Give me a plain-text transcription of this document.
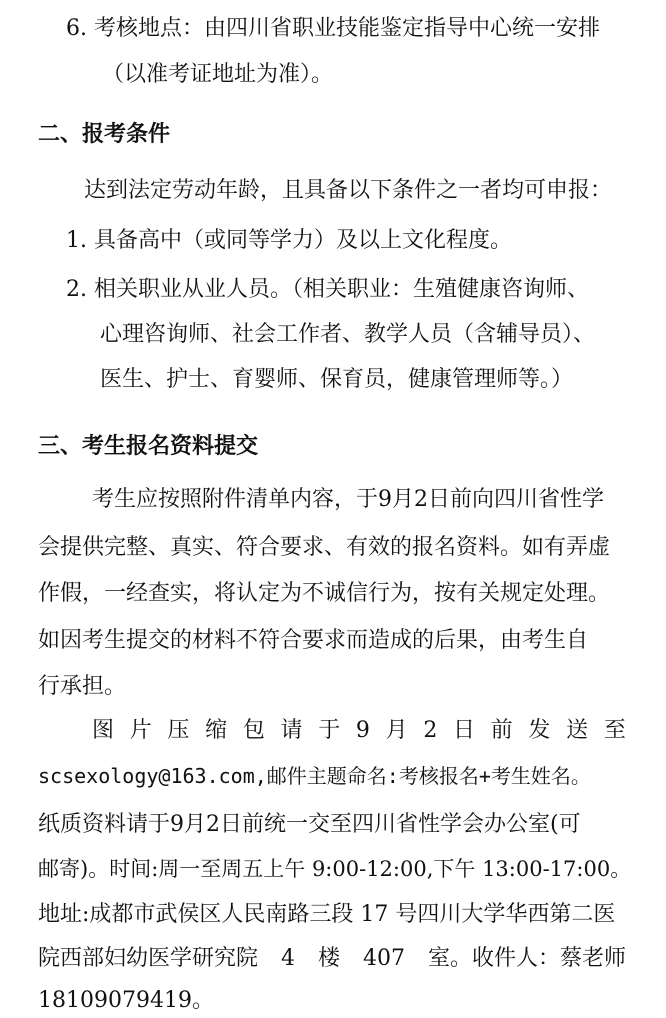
6. 考核地点：由四川省职业技能鉴定指导中心统一安排
（以准考证地址为准）。
二、报考条件
达到法定劳动年龄，且具备以下条件之一者均可申报：
1. 具备高中（或同等学力）及以上文化程度。
2. 相关职业从业人员。（相关职业：生殖健康咨询师、
心理咨询师、社会工作者、教学人员（含辅导员）、
医生、护士、育婴师、保育员，健康管理师等。）
三、考生报名资料提交
考生应按照附件清单内容，于9月2日前向四川省性学
会提供完整、真实、符合要求、有效的报名资料。如有弄虚
作假，一经查实，将认定为不诚信行为，按有关规定处理。
如因考生提交的材料不符合要求而造成的后果，由考生自
行承担。
图 片 压 缩 包 请 于 9 月 2 日 前 发 送 至
scsexology@163.com,邮件主题命名:考核报名+考生姓名。
纸质资料请于9月2日前统一交至四川省性学会办公室(可
邮寄)。时间:周一至周五上午 9:00-12:00,下午 13:00-17:00。
地址:成都市武侯区人民南路三段 17 号四川大学华西第二医
院西部妇幼医学研究院 4 楼 407 室。收件人：蔡老师
18109079419。
